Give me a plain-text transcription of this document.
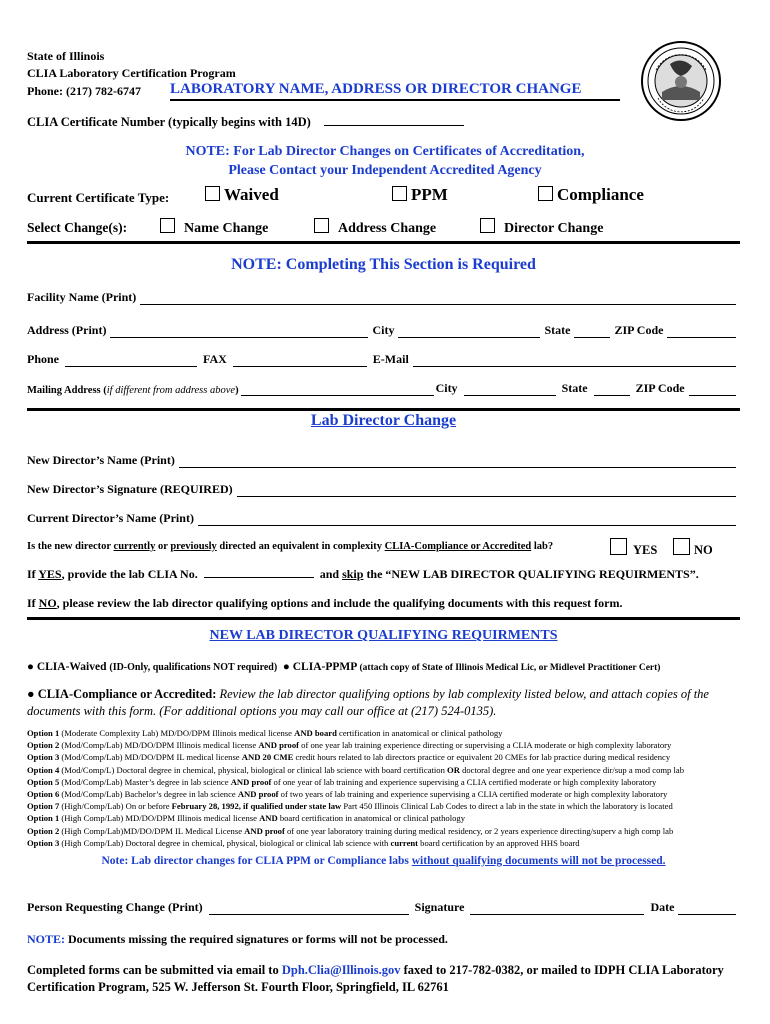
State of Illinois
CLIA Laboratory Certification Program
Phone: (217) 782-6747 LABORATORY NAME, ADDRESS OR DIRECTOR CHANGE
CLIA Certificate Number (typically begins with 14D)
NOTE: For Lab Director Changes on Certificates of Accreditation,
Please Contact your Independent Accredited Agency
Current Certificate Type:	Waived	PPM	Compliance
Select Change(s):	Name Change	Address Change	Director Change
NOTE: Completing This Section is Required
Facility Name (Print)
Address (Print)	City	State	ZIP Code
Phone	FAX	E-Mail
Mailing Address ( if different from address above )	City	State	ZIP Code
Lab Director Change
New Director’s Name (Print)
New Director’s Signature (REQUIRED)
Current Director’s Name (Print)
Is the new director currently or previously directed an equivalent in complexity CLIA-Compliance or Accredited lab?	YES	NO
If YES, provide the lab CLIA No.	and skip the “NEW LAB DIRECTOR QUALIFYING REQUIRMENTS”.
If NO, please review the lab director qualifying options and include the qualifying documents with this request form.
NEW LAB DIRECTOR QUALIFYING REQUIRMENTS
● CLIA-Waived (ID-Only, qualifications NOT required) ● CLIA-PPMP (attach copy of State of Illinois Medical Lic, or Midlevel Practitioner Cert)
● CLIA-Compliance or Accredited: Review the lab director qualifying options by lab complexity listed below, and attach copies of the
documents with this form. (For additional options you may call our office at (217) 524-0135).
Option 1 (Moderate Complexity Lab) MD/DO/DPM Illinois medical license AND board certification in anatomical or clinical pathology
Option 2 (Mod/Comp/Lab) MD/DO/DPM Illinois medical license AND proof of one year lab training experience directing or supervising a CLIA moderate or high complexity laboratory
Option 3 (Mod/Comp/Lab) MD/DO/DPM IL medical license AND 20 CME credit hours related to lab directors practice or equivalent 20 CMEs for lab practice during medical residency
Option 4 (Mod/Comp/L) Doctoral degree in chemical, physical, biological or clinical lab science with board certification OR doctoral degree and one year experience dir/sup a mod comp lab
Option 5 (Mod/Comp/Lab) Master’s degree in lab science AND proof of one year of lab training and experience supervising a CLIA certified moderate or high complexity laboratory
Option 6 (Mod/Comp/Lab) Bachelor’s degree in lab science AND proof of two years of lab training and experience supervising a CLIA certified moderate or high complexity laboratory
Option 7 (High/Comp/Lab) On or before February 28, 1992, if qualified under state law Part 450 Illinois Clinical Lab Codes to direct a lab in the state in which the laboratory is located
Option 1 (High Comp/Lab) MD/DO/DPM Illinois medical license AND board certification in anatomical or clinical pathology
Option 2 (High Comp/Lab)MD/DO/DPM IL Medical License AND proof of one year laboratory training during medical residency, or 2 years experience directing/superv a high comp lab
Option 3 (High Comp/Lab) Doctoral degree in chemical, physical, biological or clinical lab science with current board certification by an approved HHS board
Note: Lab director changes for CLIA PPM or Compliance labs without qualifying documents will not be processed.
Person Requesting Change (Print)	Signature	Date
NOTE: Documents missing the required signatures or forms will not be processed.
Completed forms can be submitted via email to Dph.Clia@Illinois.gov faxed to 217-782-0382, or mailed to IDPH CLIA Laboratory
Certification Program, 525 W. Jefferson St. Fourth Floor, Springfield, IL 62761
